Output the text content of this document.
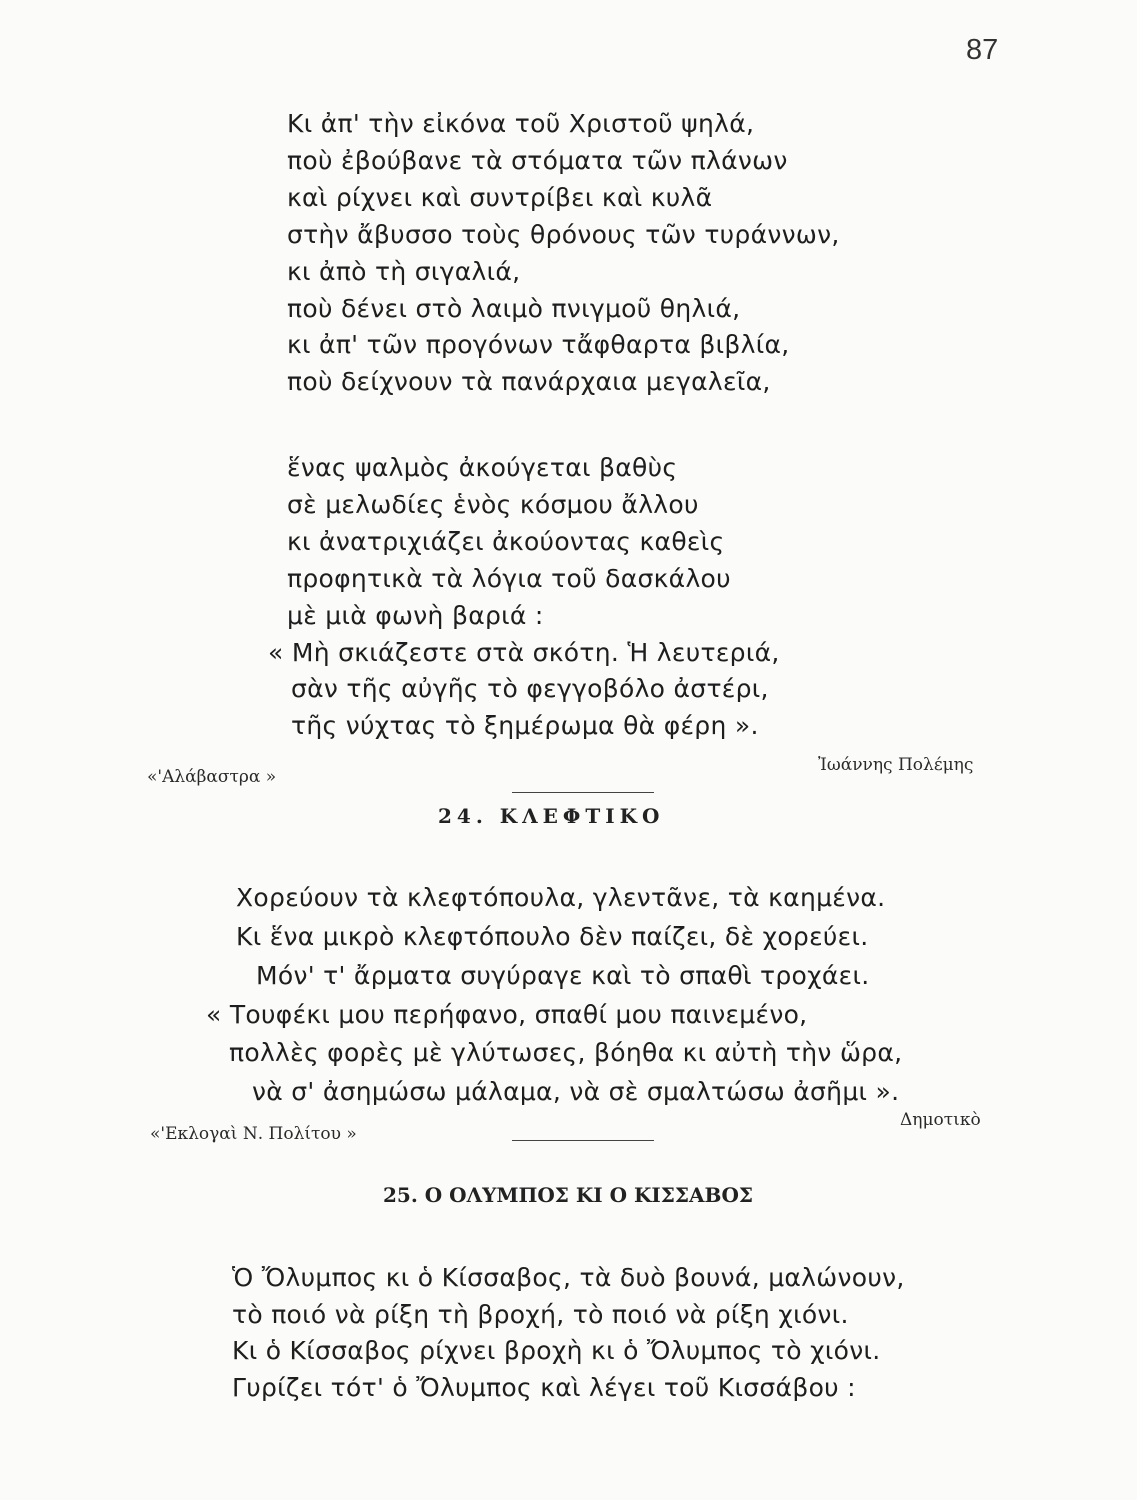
87
Κι ἀπ' τὴν εἰκόνα τοῦ Χριστοῦ ψηλά,
ποὺ ἐβούβανε τὰ στόματα τῶν πλάνων
καὶ ρίχνει καὶ συντρίβει καὶ κυλᾶ
στὴν ἄβυσσο τοὺς θρόνους τῶν τυράννων,
κι ἀπὸ τὴ σιγαλιά,
ποὺ δένει στὸ λαιμὸ πνιγμοῦ θηλιά,
κι ἀπ' τῶν προγόνων τἄφθαρτα βιβλία,
ποὺ δείχνουν τὰ πανάρχαια μεγαλεῖα,
ἕνας ψαλμὸς ἀκούγεται βαθὺς
σὲ μελωδίες ἑνὸς κόσμου ἄλλου
κι ἀνατριχιάζει ἀκούοντας καθεὶς
προφητικὰ τὰ λόγια τοῦ δασκάλου
μὲ μιὰ φωνὴ βαριά :
« Μὴ σκιάζεστε στὰ σκότη. Ἡ λευτεριά,
σὰν τῆς αὐγῆς τὸ φεγγοβόλο ἀστέρι,
τῆς νύχτας τὸ ξημέρωμα θὰ φέρη ».
«'Αλάβαστρα »
Ἰωάννης Πολέμης
24. ΚΛΕΦΤΙΚΟ
Χορεύουν τὰ κλεφτόπουλα, γλεντᾶνε, τὰ καημένα.
Κι ἕνα μικρὸ κλεφτόπουλο δὲν παίζει, δὲ χορεύει.
Μόν' τ' ἄρματα συγύραγε καὶ τὸ σπαθὶ τροχάει.
« Τουφέκι μου περήφανο, σπαθί μου παινεμένο,
πολλὲς φορὲς μὲ γλύτωσες, βόηθα κι αὐτὴ τὴν ὥρα,
νὰ σ' ἀσημώσω μάλαμα, νὰ σὲ σμαλτώσω ἀσῆμι ».
«'Εκλογαὶ Ν. Πολίτου »
Δημοτικὸ
25. Ο ΟΛΥΜΠΟΣ ΚΙ Ο ΚΙΣΣΑΒΟΣ
Ὁ Ὄλυμπος κι ὁ Κίσσαβος, τὰ δυὸ βουνά, μαλώνουν,
τὸ ποιό νὰ ρίξη τὴ βροχή, τὸ ποιό νὰ ρίξη χιόνι.
Κι ὁ Κίσσαβος ρίχνει βροχὴ κι ὁ Ὄλυμπος τὸ χιόνι.
Γυρίζει τότ' ὁ Ὄλυμπος καὶ λέγει τοῦ Κισσάβου :
